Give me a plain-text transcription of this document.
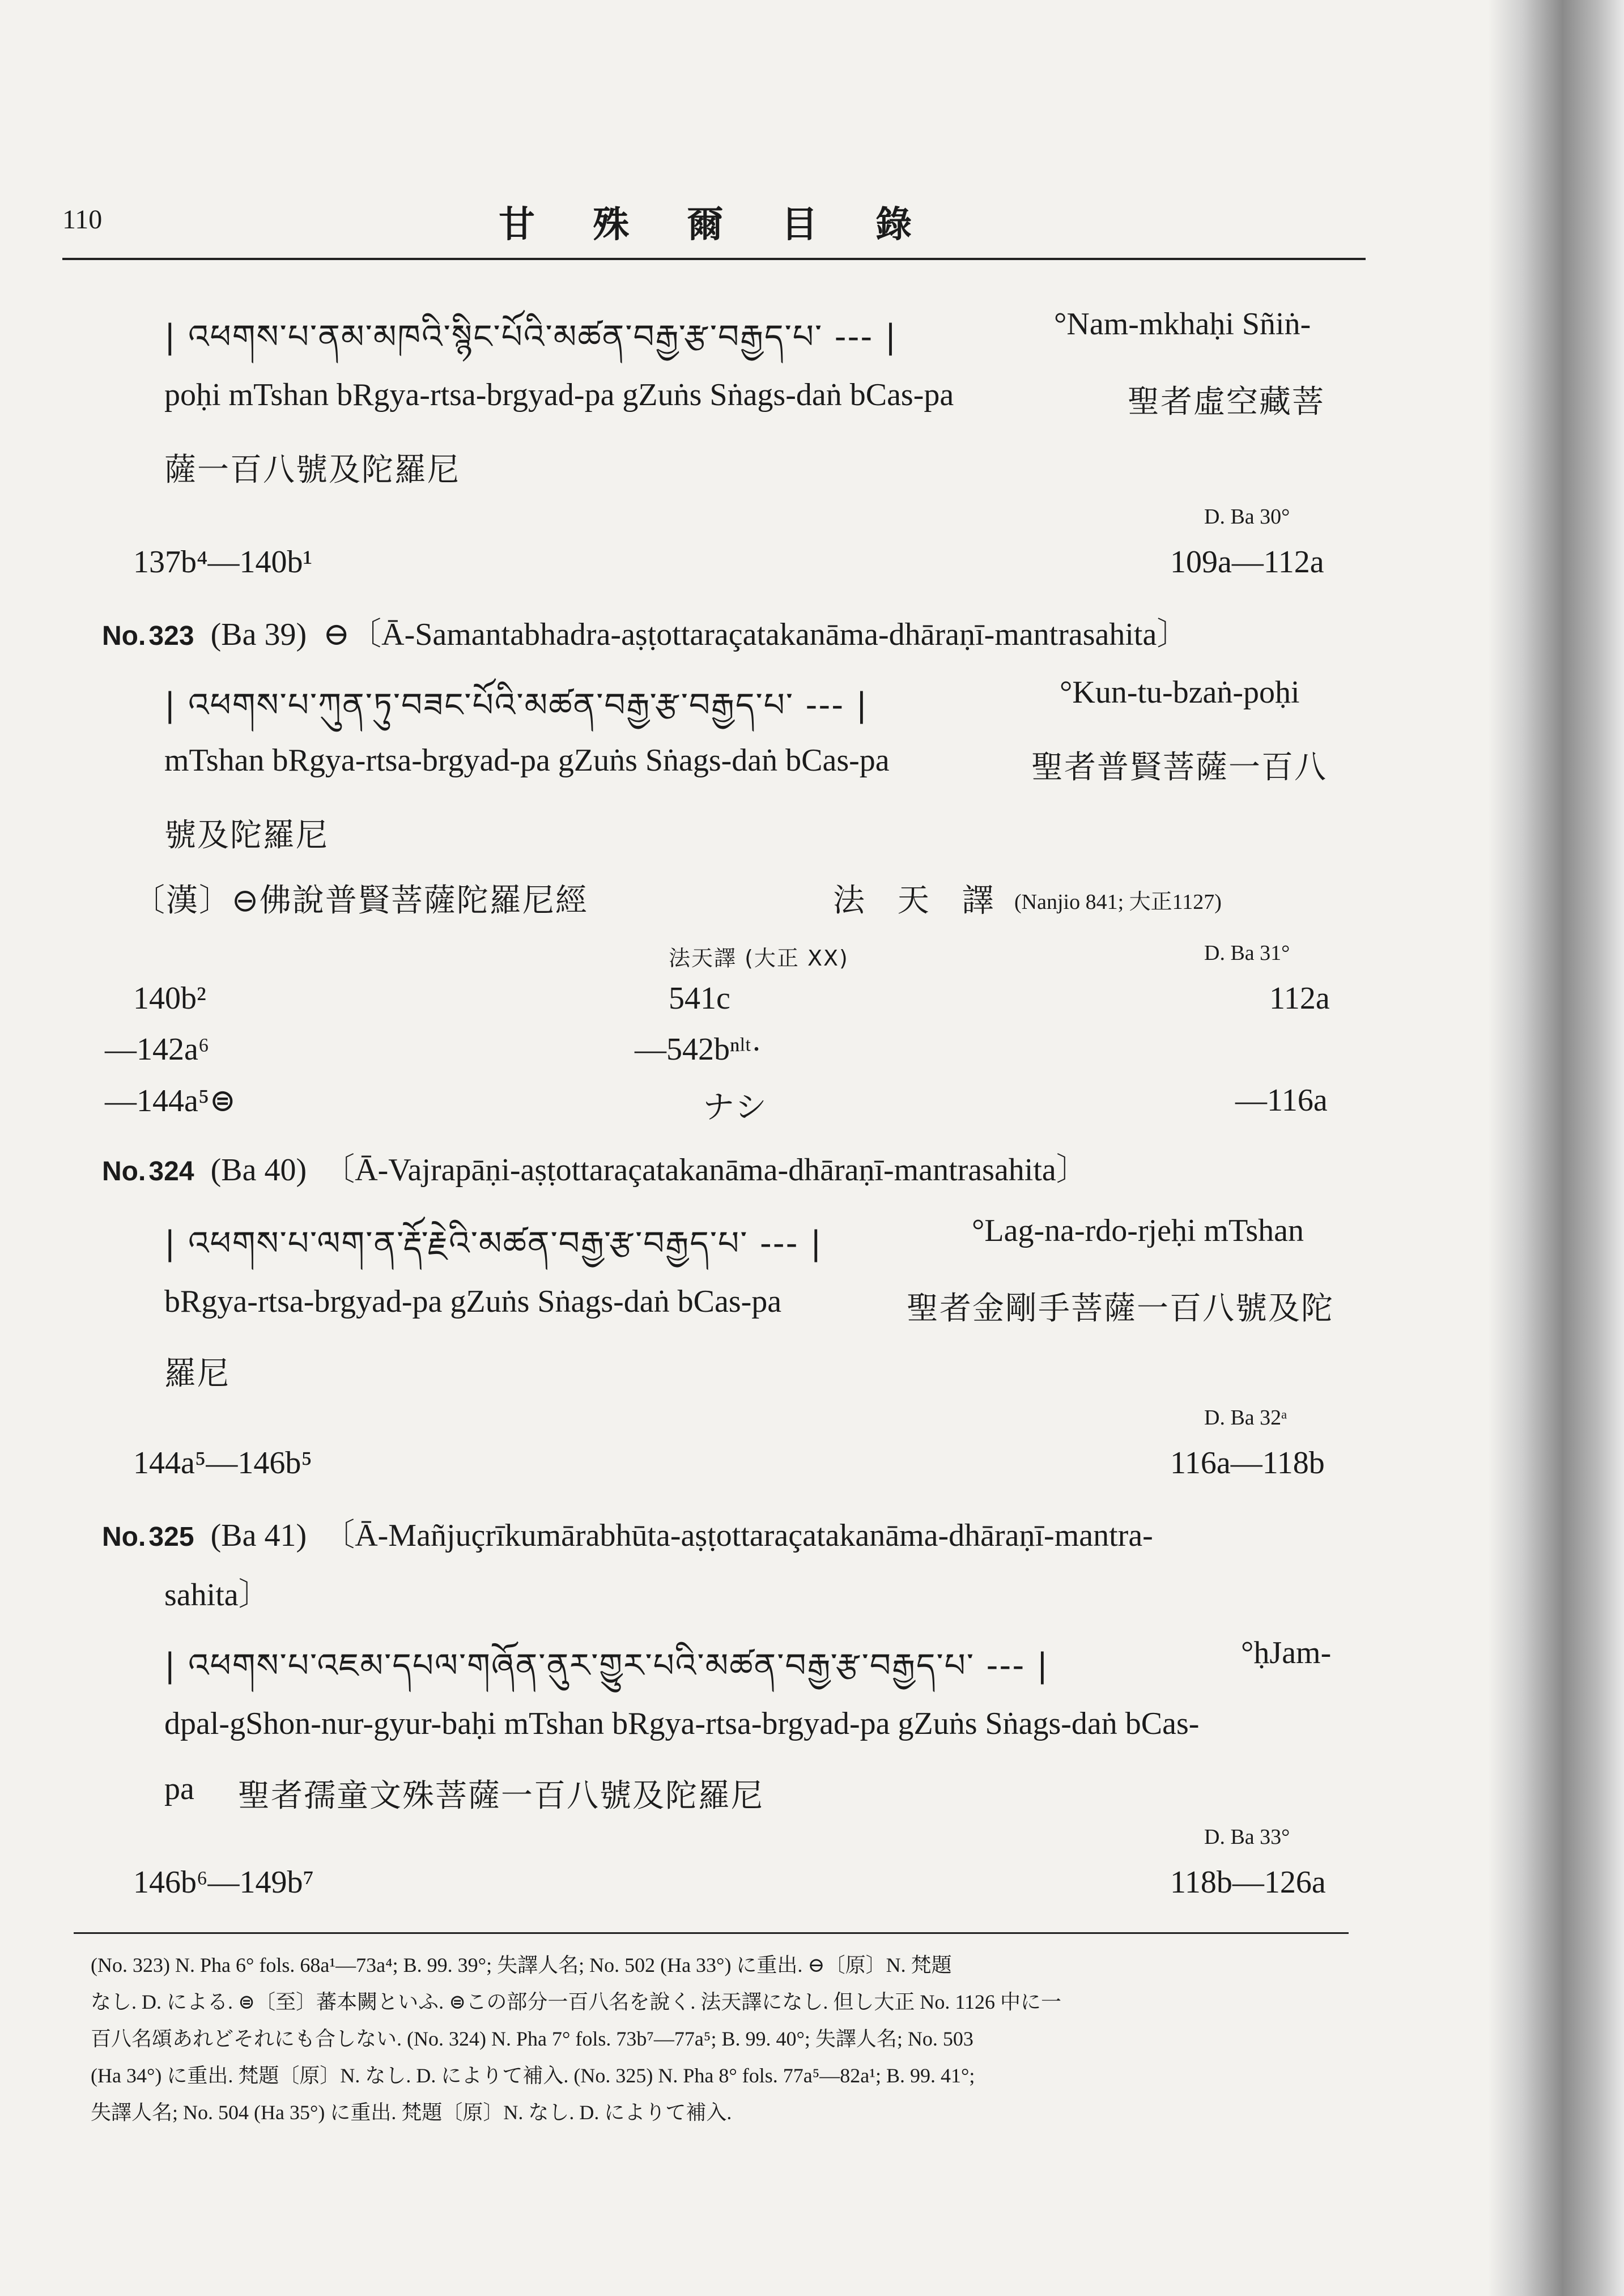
110	甘 殊 爾 目 錄
| འཕགས་པ་ནམ་མཁའི་སྙིང་པོའི་མཚན་བརྒྱ་རྩ་བརྒྱད་པ་ --- |	°Nam-mkhaḥi Sñiṅ-
poḥi mTshan bRgya-rtsa-brgyad-pa gZuṅs Sṅags-daṅ bCas-pa	聖者虛空藏菩
薩一百八號及陀羅尼
D. Ba 30°
137b⁴—140b¹	109a—112a
No. 323 (Ba 39) ⊖〔Ā-Samantabhadra-aṣṭottaraçatakanāma-dhāraṇī-mantrasahita〕
| འཕགས་པ་ཀུན་ཏུ་བཟང་པོའི་མཚན་བརྒྱ་རྩ་བརྒྱད་པ་ --- |	°Kun-tu-bzaṅ-poḥi
mTshan bRgya-rtsa-brgyad-pa gZuṅs Sṅags-daṅ bCas-pa	聖者普賢菩薩一百八
號及陀羅尼
〔漢〕⊖佛說普賢菩薩陀羅尼經	法 天 譯 (Nanjio 841; 大正1127)
法天譯 (大正 XX)	D. Ba 31°
140b²	541c	112a
—142a⁶	—542bⁿˡᵗ·
—144a⁵⊜	ナシ	—116a
No. 324 (Ba 40) 〔Ā-Vajrapāṇi-aṣṭottaraçatakanāma-dhāraṇī-mantrasahita〕
| འཕགས་པ་ལག་ན་རྡོ་རྗེའི་མཚན་བརྒྱ་རྩ་བརྒྱད་པ་ --- |	°Lag-na-rdo-rjeḥi mTshan
bRgya-rtsa-brgyad-pa gZuṅs Sṅags-daṅ bCas-pa	聖者金剛手菩薩一百八號及陀
羅尼
D. Ba 32ᵃ
144a⁵—146b⁵	116a—118b
No. 325 (Ba 41) 〔Ā-Mañjuçrīkumārabhūta-aṣṭottaraçatakanāma-dhāraṇī-mantra-
sahita〕
| འཕགས་པ་འཇམ་དཔལ་གཞོན་ནུར་གྱུར་པའི་མཚན་བརྒྱ་རྩ་བརྒྱད་པ་ --- |	°ḥJam-
dpal-gShon-nur-gyur-baḥi mTshan bRgya-rtsa-brgyad-pa gZuṅs Sṅags-daṅ bCas-
pa 聖者孺童文殊菩薩一百八號及陀羅尼
D. Ba 33°
146b⁶—149b⁷	118b—126a
(No. 323) N. Pha 6° fols. 68a¹—73a⁴; B. 99. 39°; 失譯人名; No. 502 (Ha 33°) に重出. ⊖〔原〕N. 梵題
なし. D. による. ⊜〔至〕蕃本闕といふ. ⊜この部分一百八名を說く. 法天譯になし. 但し大正 No. 1126 中に一
百八名頌あれどそれにも合しない. (No. 324) N. Pha 7° fols. 73b⁷—77a⁵; B. 99. 40°; 失譯人名; No. 503
(Ha 34°) に重出. 梵題〔原〕N. なし. D. によりて補入. (No. 325) N. Pha 8° fols. 77a⁵—82a¹; B. 99. 41°;
失譯人名; No. 504 (Ha 35°) に重出. 梵題〔原〕N. なし. D. によりて補入.
